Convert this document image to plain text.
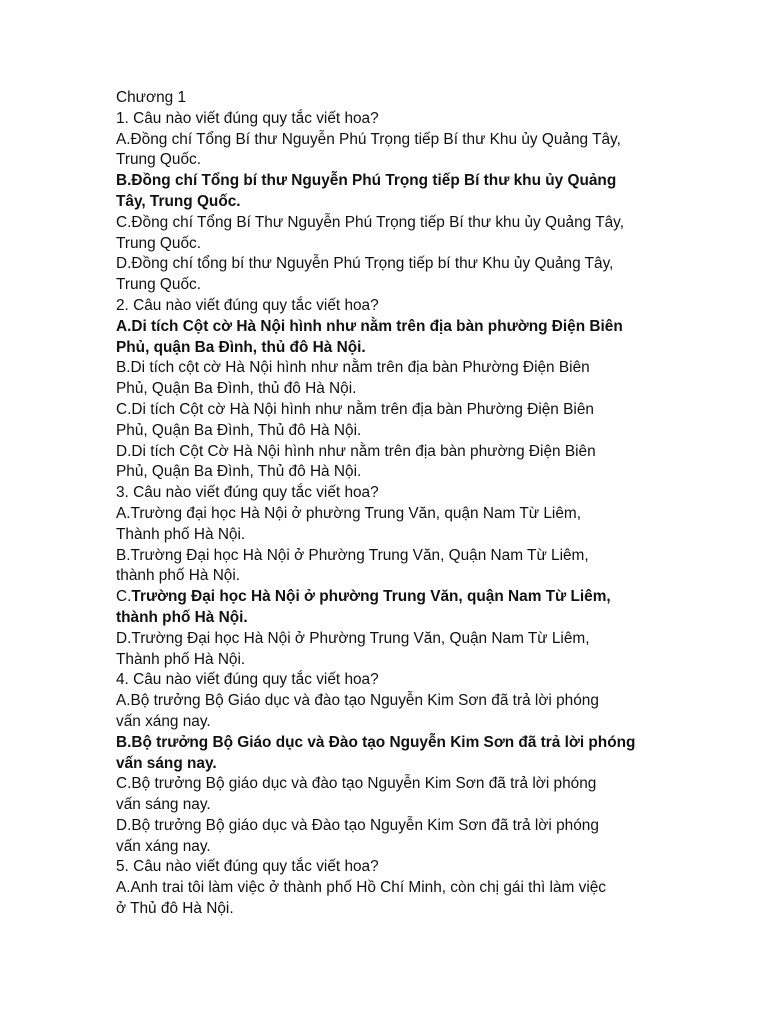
Chương 1

1. Câu nào viết đúng quy tắc viết hoa?

A.Đồng chí Tổng Bí thư Nguyễn Phú Trọng tiếp Bí thư Khu ủy Quảng Tây,

Trung Quốc.

B.Đồng chí Tổng bí thư Nguyễn Phú Trọng tiếp Bí thư khu ủy Quảng

Tây, Trung Quốc.

C.Đồng chí Tổng Bí Thư Nguyễn Phú Trọng tiếp Bí thư khu ủy Quảng Tây,

Trung Quốc.

D.Đồng chí tổng bí thư Nguyễn Phú Trọng tiếp bí thư Khu ủy Quảng Tây,

Trung Quốc.

2. Câu nào viết đúng quy tắc viết hoa?

A.Di tích Cột cờ Hà Nội hình như nằm trên địa bàn phường Điện Biên

Phủ, quận Ba Đình, thủ đô Hà Nội.

B.Di tích cột cờ Hà Nội hình như nằm trên địa bàn Phường Điện Biên

Phủ, Quận Ba Đình, thủ đô Hà Nội.

C.Di tích Cột cờ Hà Nội hình như nằm trên địa bàn Phường Điện Biên

Phủ, Quận Ba Đình, Thủ đô Hà Nội.

D.Di tích Cột Cờ Hà Nội hình như nằm trên địa bàn phường Điện Biên

Phủ, Quận Ba Đình, Thủ đô Hà Nội.

3. Câu nào viết đúng quy tắc viết hoa?

A.Trường đại học Hà Nội ở phường Trung Văn, quận Nam Từ Liêm,

Thành phố Hà Nội.

B.Trường Đại học Hà Nội ở Phường Trung Văn, Quận Nam Từ Liêm,

thành phố Hà Nội.

C.Trường Đại học Hà Nội ở phường Trung Văn, quận Nam Từ Liêm,

thành phố Hà Nội.

D.Trường Đại học Hà Nội ở Phường Trung Văn, Quận Nam Từ Liêm,

Thành phố Hà Nội.

4. Câu nào viết đúng quy tắc viết hoa?

A.Bộ trưởng Bộ Giáo dục và đào tạo Nguyễn Kim Sơn đã trả lời phóng

vấn xáng nay.

B.Bộ trưởng Bộ Giáo dục và Đào tạo Nguyễn Kim Sơn đã trả lời phóng

vấn sáng nay.

C.Bộ trưởng Bộ giáo dục và đào tạo Nguyễn Kim Sơn đã trả lời phóng

vấn sáng nay.

D.Bộ trưởng Bộ giáo dục và Đào tạo Nguyễn Kim Sơn đã trả lời phóng

vấn xáng nay.

5. Câu nào viết đúng quy tắc viết hoa?

A.Anh trai tôi làm việc ở thành phố Hồ Chí Minh, còn chị gái thì làm việc

ở Thủ đô Hà Nội.
